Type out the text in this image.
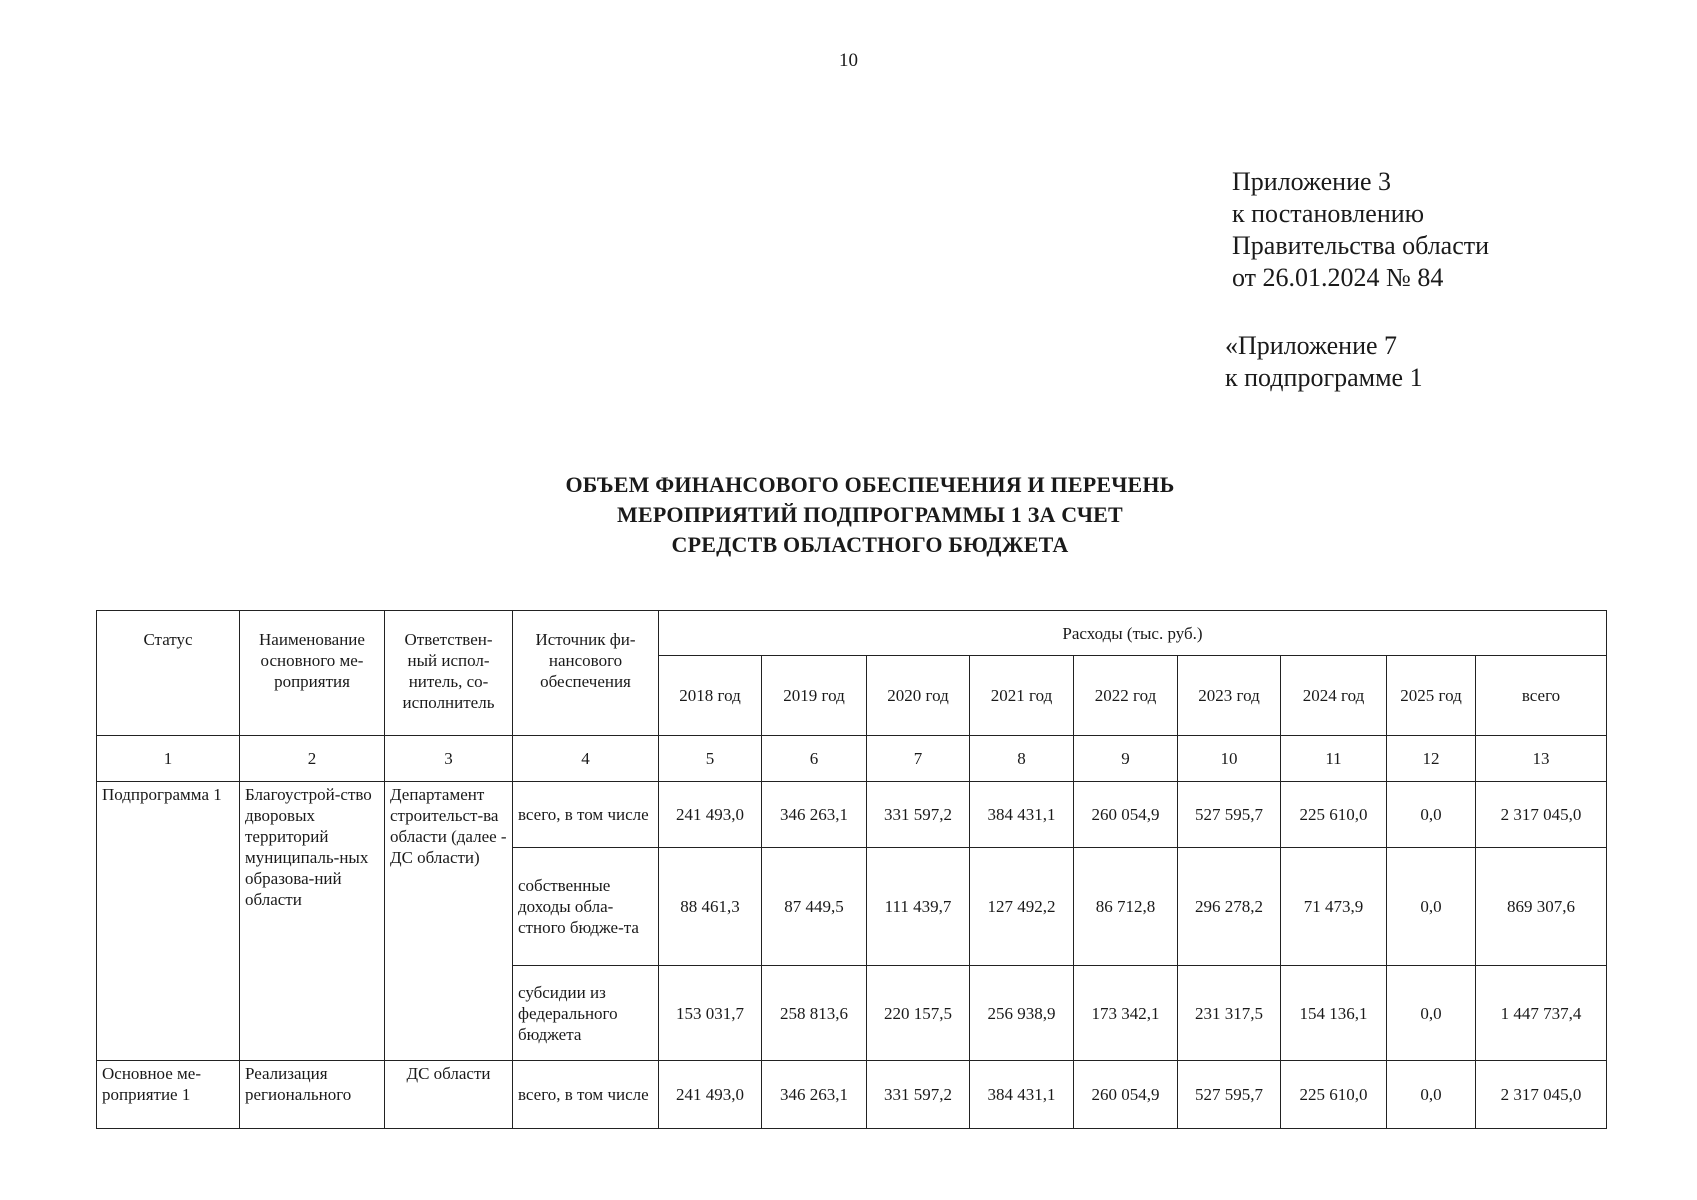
10
Приложение 3
к постановлению
Правительства области
от 26.01.2024 № 84
«Приложение 7
к подпрограмме 1
ОБЪЕМ ФИНАНСОВОГО ОБЕСПЕЧЕНИЯ И ПЕРЕЧЕНЬ
МЕРОПРИЯТИЙ ПОДПРОГРАММЫ 1 ЗА СЧЕТ
СРЕДСТВ ОБЛАСТНОГО БЮДЖЕТА
Статус	Наименование основного ме-роприятия	Ответствен-ный испол-нитель, со-исполнитель	Источник фи-нансового обеспечения	Расходы (тыс. руб.)								
				2018 год	2019 год	2020 год	2021 год	2022 год	2023 год	2024 год	2025 год	всего
1	2	3	4	5	6	7	8	9	10	11	12	13
Подпрограмма 1	Благоустрой-ство дворовых территорий муниципаль-ных образова-ний области	Департамент строительст-ва области (далее - ДС области)	всего, в том числе	241 493,0	346 263,1	331 597,2	384 431,1	260 054,9	527 595,7	225 610,0	0,0	2 317 045,0
			собственные доходы обла-стного бюдже-та	88 461,3	87 449,5	111 439,7	127 492,2	86 712,8	296 278,2	71 473,9	0,0	869 307,6
			субсидии из федерального бюджета	153 031,7	258 813,6	220 157,5	256 938,9	173 342,1	231 317,5	154 136,1	0,0	1 447 737,4
Основное ме-роприятие 1	Реализация регионального	ДС области	всего, в том числе	241 493,0	346 263,1	331 597,2	384 431,1	260 054,9	527 595,7	225 610,0	0,0	2 317 045,0
